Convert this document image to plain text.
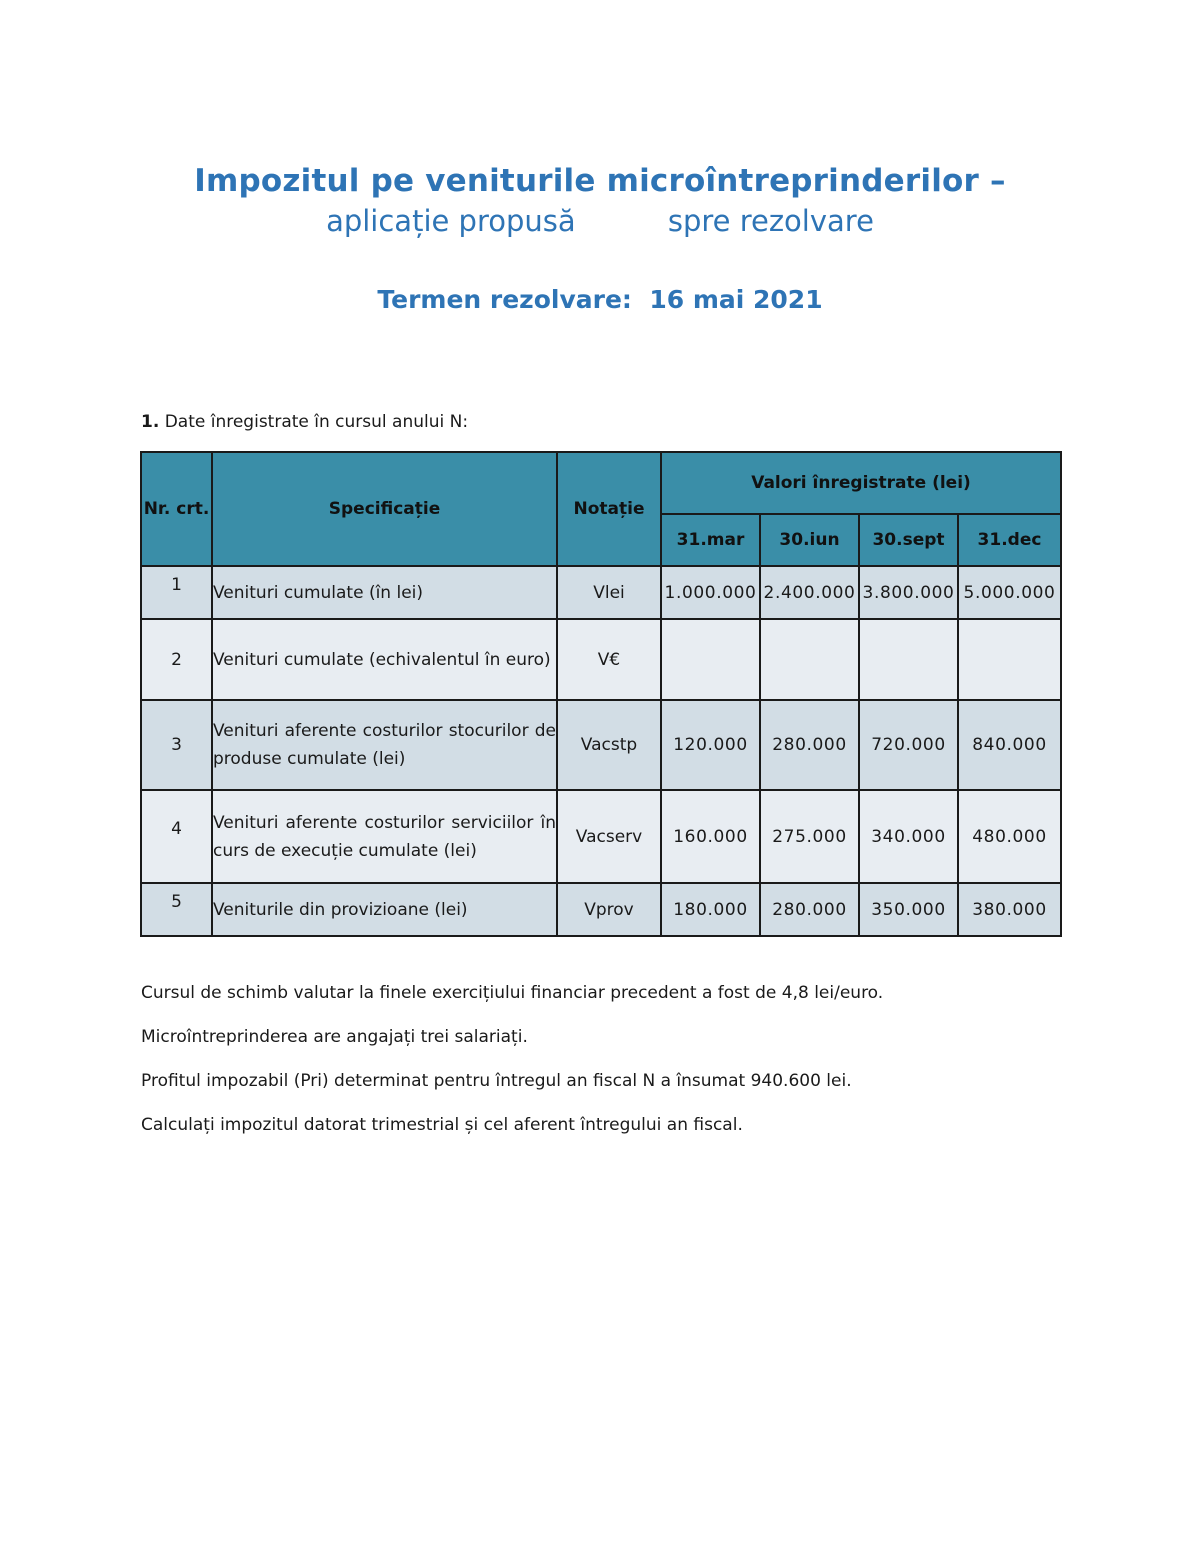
Impozitul pe veniturile microîntreprinderilor –
aplicație propusă          spre rezolvare
Termen rezolvare:  16 mai 2021
1. Date înregistrate în cursul anului N:
Nr. crt.	Specificație	Notație	Valori înregistrate (lei)			
			31.mar	30.iun	30.sept	31.dec
1	Venituri cumulate (în lei)	Vlei	1.000.000	2.400.000	3.800.000	5.000.000
2	Venituri cumulate (echivalentul în euro)	V€				
3	Venituri aferente costurilor stocurilor de produse cumulate (lei)	Vacstp	120.000	280.000	720.000	840.000
4	Venituri aferente costurilor serviciilor în curs de execuție cumulate (lei)	Vacserv	160.000	275.000	340.000	480.000
5	Veniturile din provizioane (lei)	Vprov	180.000	280.000	350.000	380.000
Cursul de schimb valutar la finele exercițiului financiar precedent a fost de 4,8 lei/euro.
Microîntreprinderea are angajați trei salariați.
Profitul impozabil (Pri) determinat pentru întregul an fiscal N a însumat 940.600 lei.
Calculați impozitul datorat trimestrial și cel aferent întregului an fiscal.
